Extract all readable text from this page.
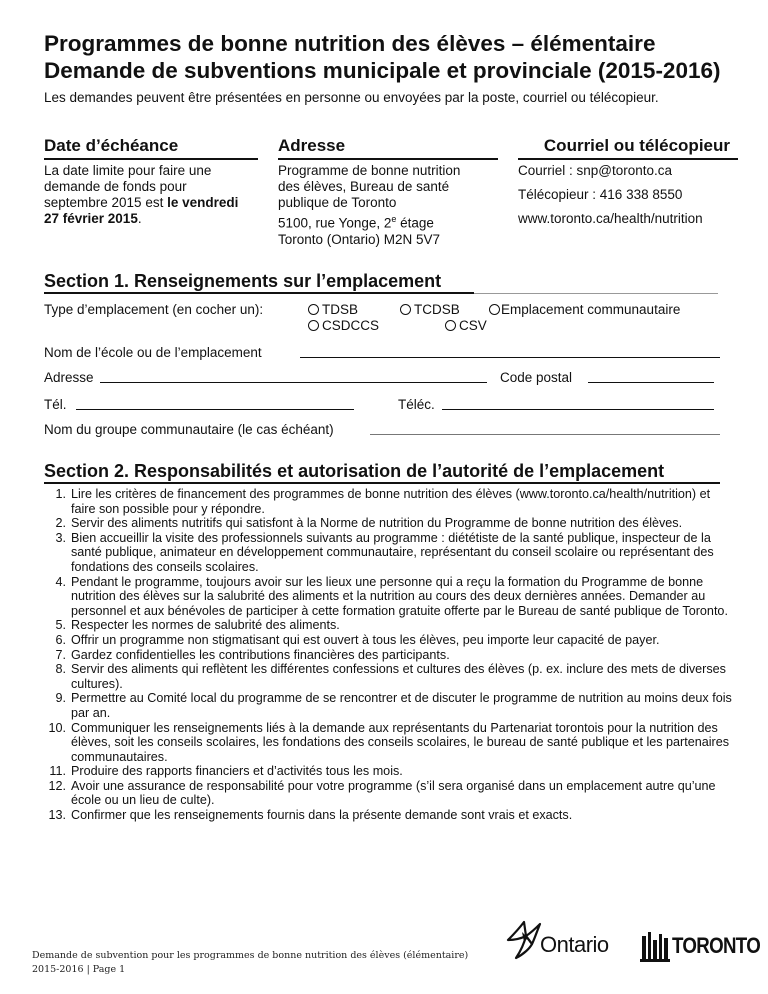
Programmes de bonne nutrition des élèves – élémentaire
Demande de subventions municipale et provinciale (2015-2016)
Les demandes peuvent être présentées en personne ou envoyées par la poste, courriel ou télécopieur.
Date d’échéance	Adresse	Courriel ou télécopieur
La date limite pour faire une demande de fonds pour septembre 2015 est le vendredi 27 février 2015.
Programme de bonne nutrition
des élèves, Bureau de santé
publique de Toronto
5100, rue Yonge, 2e étage
Toronto (Ontario) M2N 5V7

Courriel : snp@toronto.ca

Télécopieur : 416 338 8550

www.toronto.ca/health/nutrition

Section 1. Renseignements sur l’emplacement
Type d’emplacement (en cocher un):	TDSB	TCDSB	Emplacement communautaire
CSDCCS	CSV
Nom de l’école ou de l’emplacement
Adresse	Code postal
Tél.	Téléc.
Nom du groupe communautaire (le cas échéant)
Section 2. Responsabilités et autorisation de l’autorité de l’emplacement
1. Lire les critères de financement des programmes de bonne nutrition des élèves (www.toronto.ca/health/nutrition) et faire son possible pour y répondre.
2. Servir des aliments nutritifs qui satisfont à la Norme de nutrition du Programme de bonne nutrition des élèves.
3. Bien accueillir la visite des professionnels suivants au programme : diététiste de la santé publique, inspecteur de la santé publique, animateur en développement communautaire, représentant du conseil scolaire ou représentant des fondations des conseils scolaires.
4. Pendant le programme, toujours avoir sur les lieux une personne qui a reçu la formation du Programme de bonne nutrition des élèves sur la salubrité des aliments et la nutrition au cours des deux dernières années. Demander au personnel et aux bénévoles de participer à cette formation gratuite offerte par le Bureau de santé publique de Toronto.
5. Respecter les normes de salubrité des aliments.
6. Offrir un programme non stigmatisant qui est ouvert à tous les élèves, peu importe leur capacité de payer.
7. Gardez confidentielles les contributions financières des participants.
8. Servir des aliments qui reflètent les différentes confessions et cultures des élèves (p. ex. inclure des mets de diverses cultures).
9. Permettre au Comité local du programme de se rencontrer et de discuter le programme de nutrition au moins deux fois par an.
10. Communiquer les renseignements liés à la demande aux représentants du Partenariat torontois pour la nutrition des élèves, soit les conseils scolaires, les fondations des conseils scolaires, le bureau de santé publique et les partenaires communautaires.
11. Produire des rapports financiers et d’activités tous les mois.
12. Avoir une assurance de responsabilité pour votre programme (s’il sera organisé dans un emplacement autre qu’une école ou un lieu de culte).
13. Confirmer que les renseignements fournis dans la présente demande sont vrais et exacts.
Demande de subvention pour les programmes de bonne nutrition des élèves (élémentaire)
2015-2016 | Page 1
Ontario	TORONTO
